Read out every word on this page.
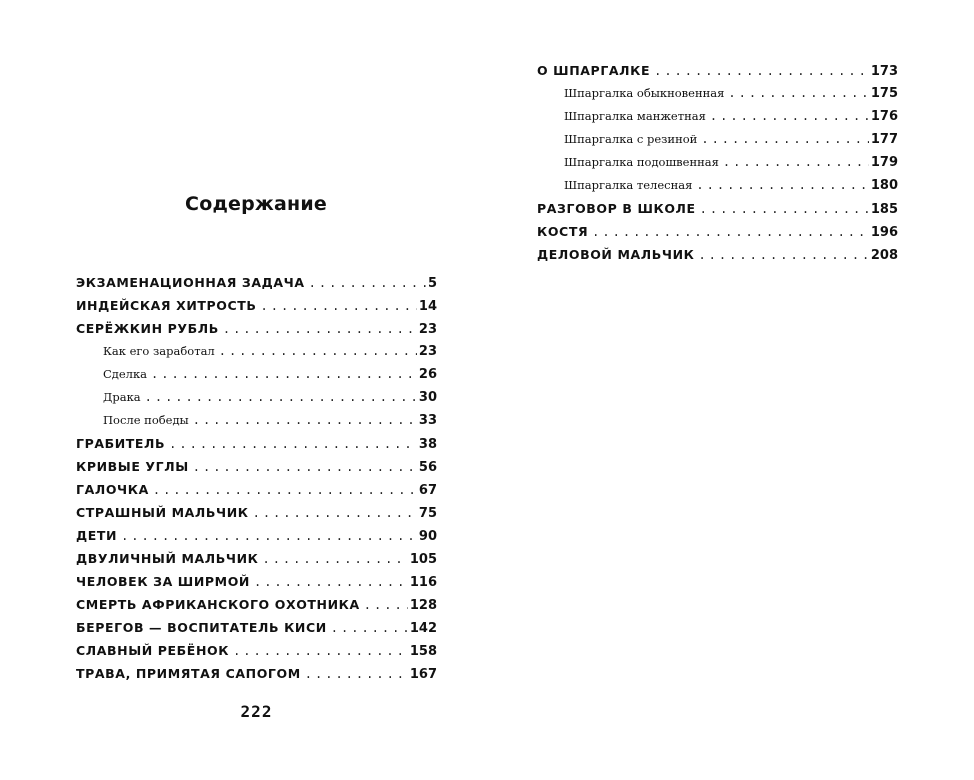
Содержание
ЭКЗАМЕНАЦИОННАЯ ЗАДАЧА .....	5
ИНДЕЙСКАЯ ХИТРОСТЬ .....	14
СЕРЁЖКИН РУБЛЬ .....	23
Как его заработал .....	23
Сделка .....	26
Драка .....	30
После победы .....	33
ГРАБИТЕЛЬ .....	38
КРИВЫЕ УГЛЫ .....	56
ГАЛОЧКА .....	67
СТРАШНЫЙ МАЛЬЧИК .....	75
ДЕТИ .....	90
ДВУЛИЧНЫЙ МАЛЬЧИК .....	105
ЧЕЛОВЕК ЗА ШИРМОЙ .....	116
СМЕРТЬ АФРИКАНСКОГО ОХОТНИКА .....	128
БЕРЕГОВ — ВОСПИТАТЕЛЬ КИСИ .....	142
СЛАВНЫЙ РЕБЁНОК .....	158
ТРАВА, ПРИМЯТАЯ САПОГОМ .....	167
222
О ШПАРГАЛКЕ .....	173
Шпаргалка обыкновенная .....	175
Шпаргалка манжетная .....	176
Шпаргалка с резиной .....	177
Шпаргалка подошвенная .....	179
Шпаргалка телесная .....	180
РАЗГОВОР В ШКОЛЕ .....	185
КОСТЯ .....	196
ДЕЛОВОЙ МАЛЬЧИК .....	208
